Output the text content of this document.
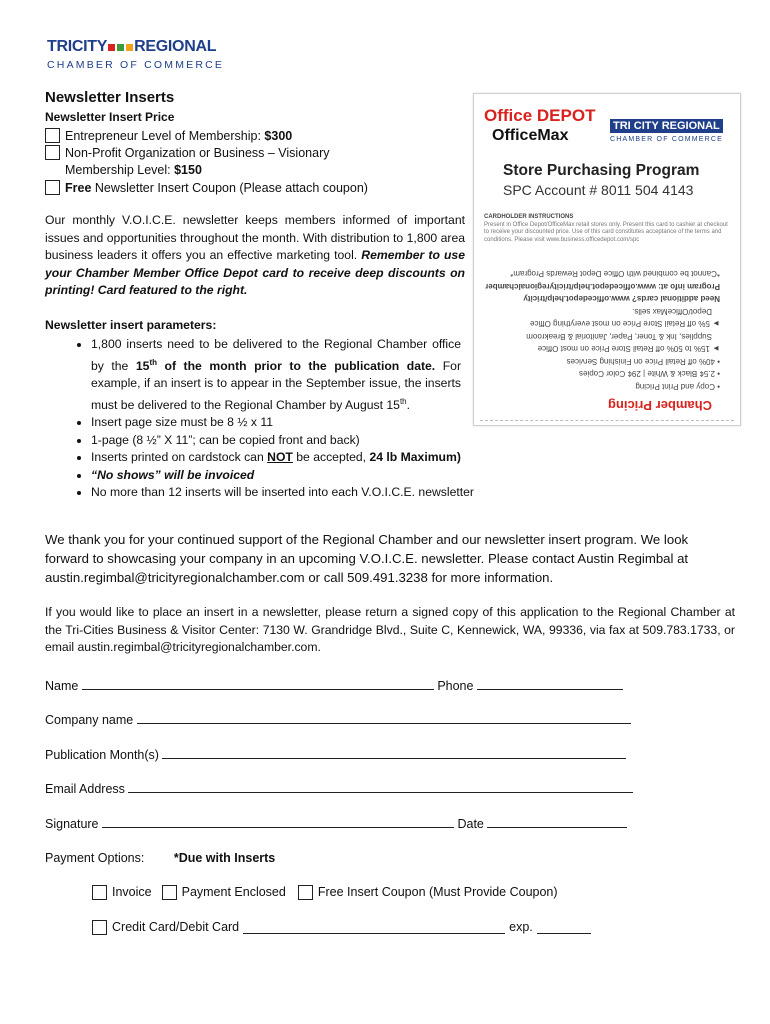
TRI CITY REGIONAL
CHAMBER OF COMMERCE
Newsletter Inserts
Newsletter Insert Price
Entrepreneur Level of Membership: $300
Non-Profit Organization or Business – Visionary
Membership Level: $150
Free Newsletter Insert Coupon (Please attach coupon)
Our monthly V.O.I.C.E. newsletter keeps members informed of important issues and opportunities throughout the month. With distribution to 1,800 area business leaders it offers you an effective marketing tool. Remember to use your Chamber Member Office Depot card to receive deep discounts on printing! Card featured to the right.
Newsletter insert parameters:
• 1,800 inserts need to be delivered to the Regional Chamber office by the 15th of the month prior to the publication date. For example, if an insert is to appear in the September issue, the inserts must be delivered to the Regional Chamber by August 15th.
• Insert page size must be 8 ½ x 11
• 1-page (8 ½” X 11”; can be copied front and back)
• Inserts printed on cardstock can NOT be accepted, 24 lb Maximum)
• “No shows” will be invoiced
• No more than 12 inserts will be inserted into each V.O.I.C.E. newsletter
We thank you for your continued support of the Regional Chamber and our newsletter insert program. We look forward to showcasing your company in an upcoming V.O.I.C.E. newsletter. Please contact Austin Regimbal at austin.regimbal@tricityregionalchamber.com or call 509.491.3238 for more information.
If you would like to place an insert in a newsletter, please return a signed copy of this application to the Regional Chamber at the Tri-Cities Business & Visitor Center: 7130 W. Grandridge Blvd., Suite C, Kennewick, WA, 99336, via fax at 509.783.1733, or email austin.regimbal@tricityregionalchamber.com.
Name	Phone
Company name
Publication Month(s)
Email Address
Signature	Date
Payment Options: *Due with Inserts
Invoice Payment Enclosed	Free Insert Coupon (Must Provide Coupon)
Credit Card/Debit Card	exp.
Office DEPOT
OfficeMax
TRI CITY REGIONAL
CHAMBER OF COMMERCE
Store Purchasing Program
SPC Account # 8011 504 4143
CARDHOLDER INSTRUCTIONS
Present in Office Depot/OfficeMax retail stores only. Present this card to cashier at checkout to receive your discounted price. Use of this card constitutes acceptance of the terms and conditions. Please visit www.business.officedepot.com/spc
Chamber Pricing
• Copy and Print Pricing
• 2.5¢ Black & White | 29¢ Color Copies
• 40% off Retail Price on Finishing Services
► 15% to 50% off Retail Store Price on most Office
Supplies, Ink & Toner, Paper, Janitorial & Breakroom
► 5% off Retail Store Price on most everything Office
Depot/OfficeMax sells.
Need additional cards? www.officedepot.help/tricity
Program info at: www.officedepot.help/tricityregionalchamber
*Cannot be combined with Office Depot Rewards Program*
